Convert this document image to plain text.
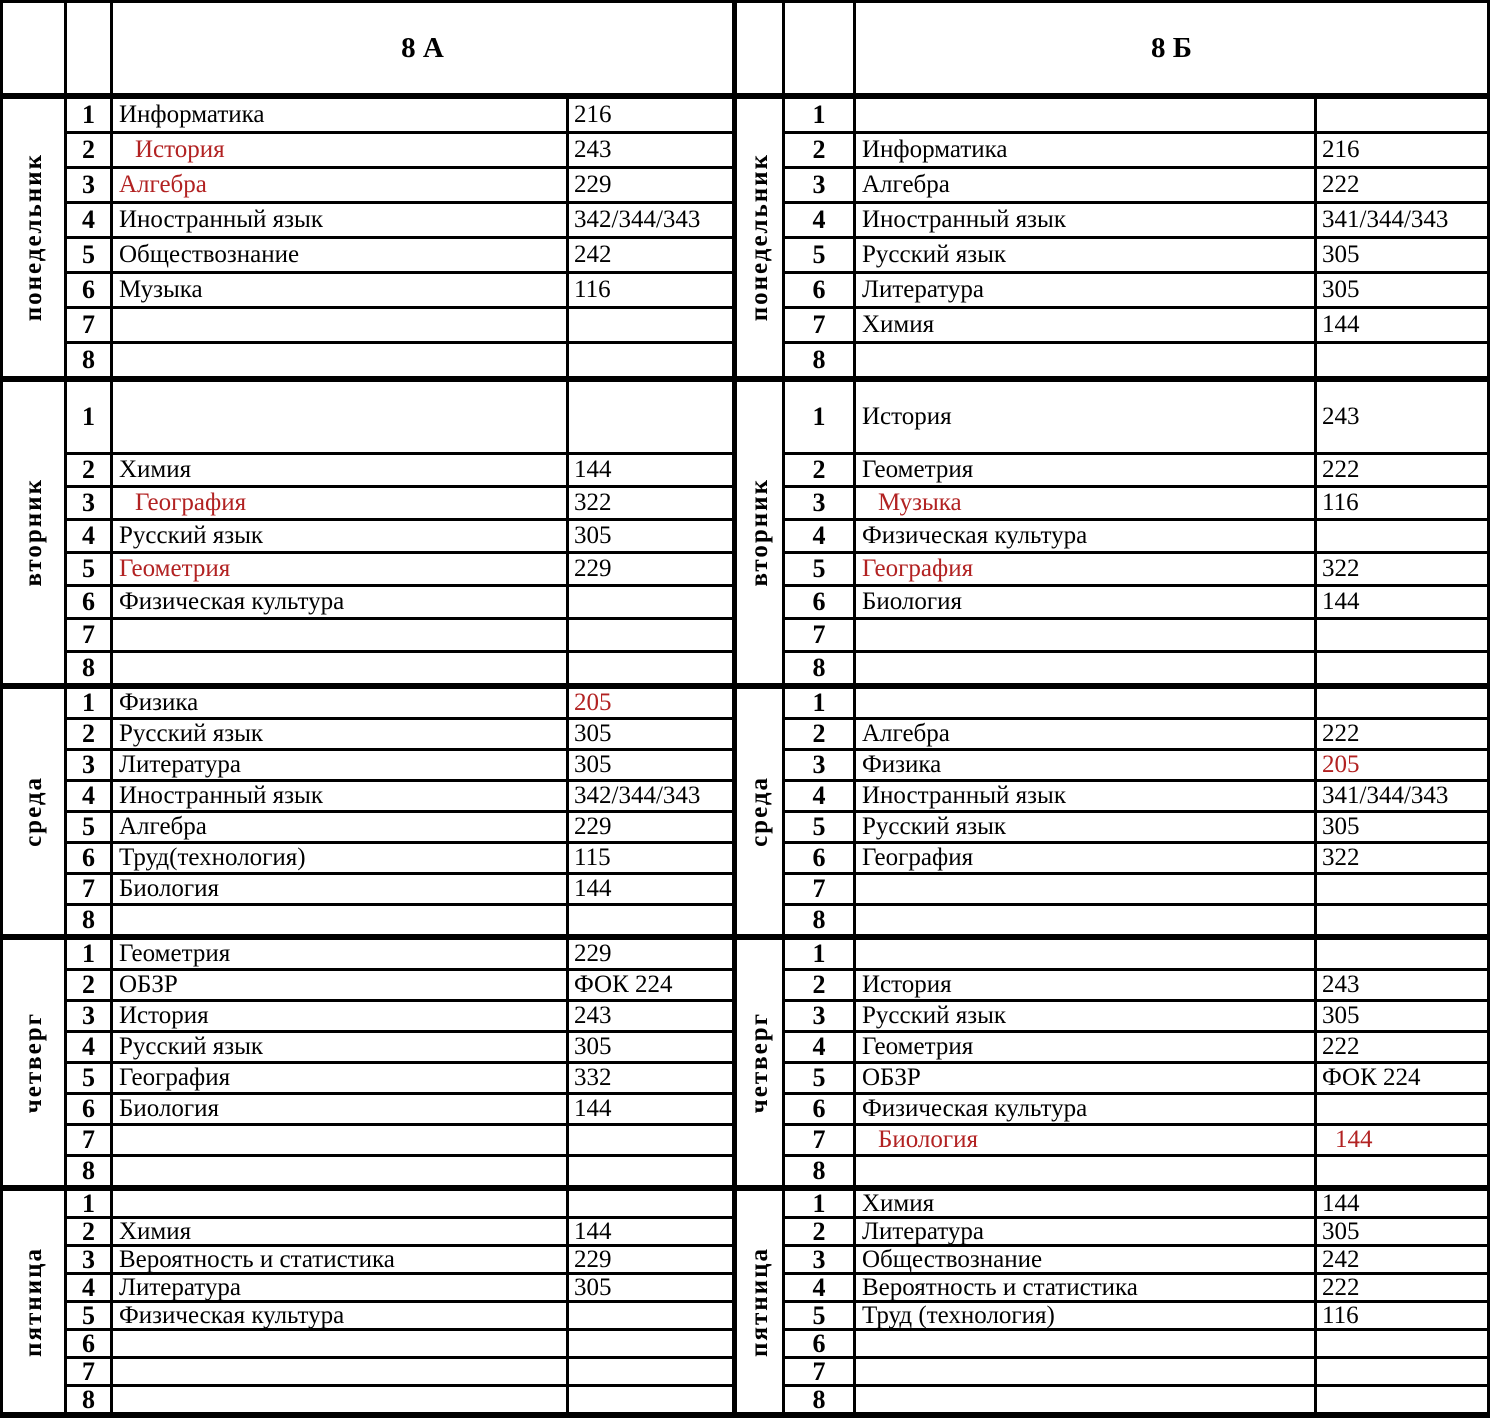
8 А
понедельник
1 Информатика	216
2	История	243
3 Алгебра	229
4 Иностранный язык	342/344/343
5 Обществознание	242
6 Музыка	116
7
8
вторник
1
2 Химия	144
3	География	322
4 Русский язык	305
5 Геометрия	229
6 Физическая культура
7
8
среда
1 Физика	205
2 Русский язык	305
3 Литература	305
4 Иностранный язык	342/344/343
5 Алгебра	229
6 Труд(технология)	115
7 Биология	144
8
четверг
1 Геометрия	229
2 ОБЗР	ФОК 224
3 История	243
4 Русский язык	305
5 География	332
6 Биология	144
7
8
пятница
1
2 Химия	144
3 Вероятность и статистика	229
4 Литература	305
5 Физическая культура
6
7
8
8 Б
понедельник
1
2	Информатика	216
3	Алгебра	222
4	Иностранный язык	341/344/343
5	Русский язык	305
6	Литература	305
7	Химия	144
8
вторник
1	История	243
2	Геометрия	222
3	Музыка	116
4	Физическая культура
5	География	322
6	Биология	144
7
8
среда
1
2	Алгебра	222
3	Физика	205
4	Иностранный язык	341/344/343
5	Русский язык	305
6	География	322
7
8
четверг
1
2	История	243
3	Русский язык	305
4	Геометрия	222
5	ОБЗР	ФОК 224
6	Физическая культура
7	Биология	144
8
пятница
1	Химия	144
2	Литература	305
3	Обществознание	242
4	Вероятность и статистика	222
5	Труд (технология)	116
6
7
8
